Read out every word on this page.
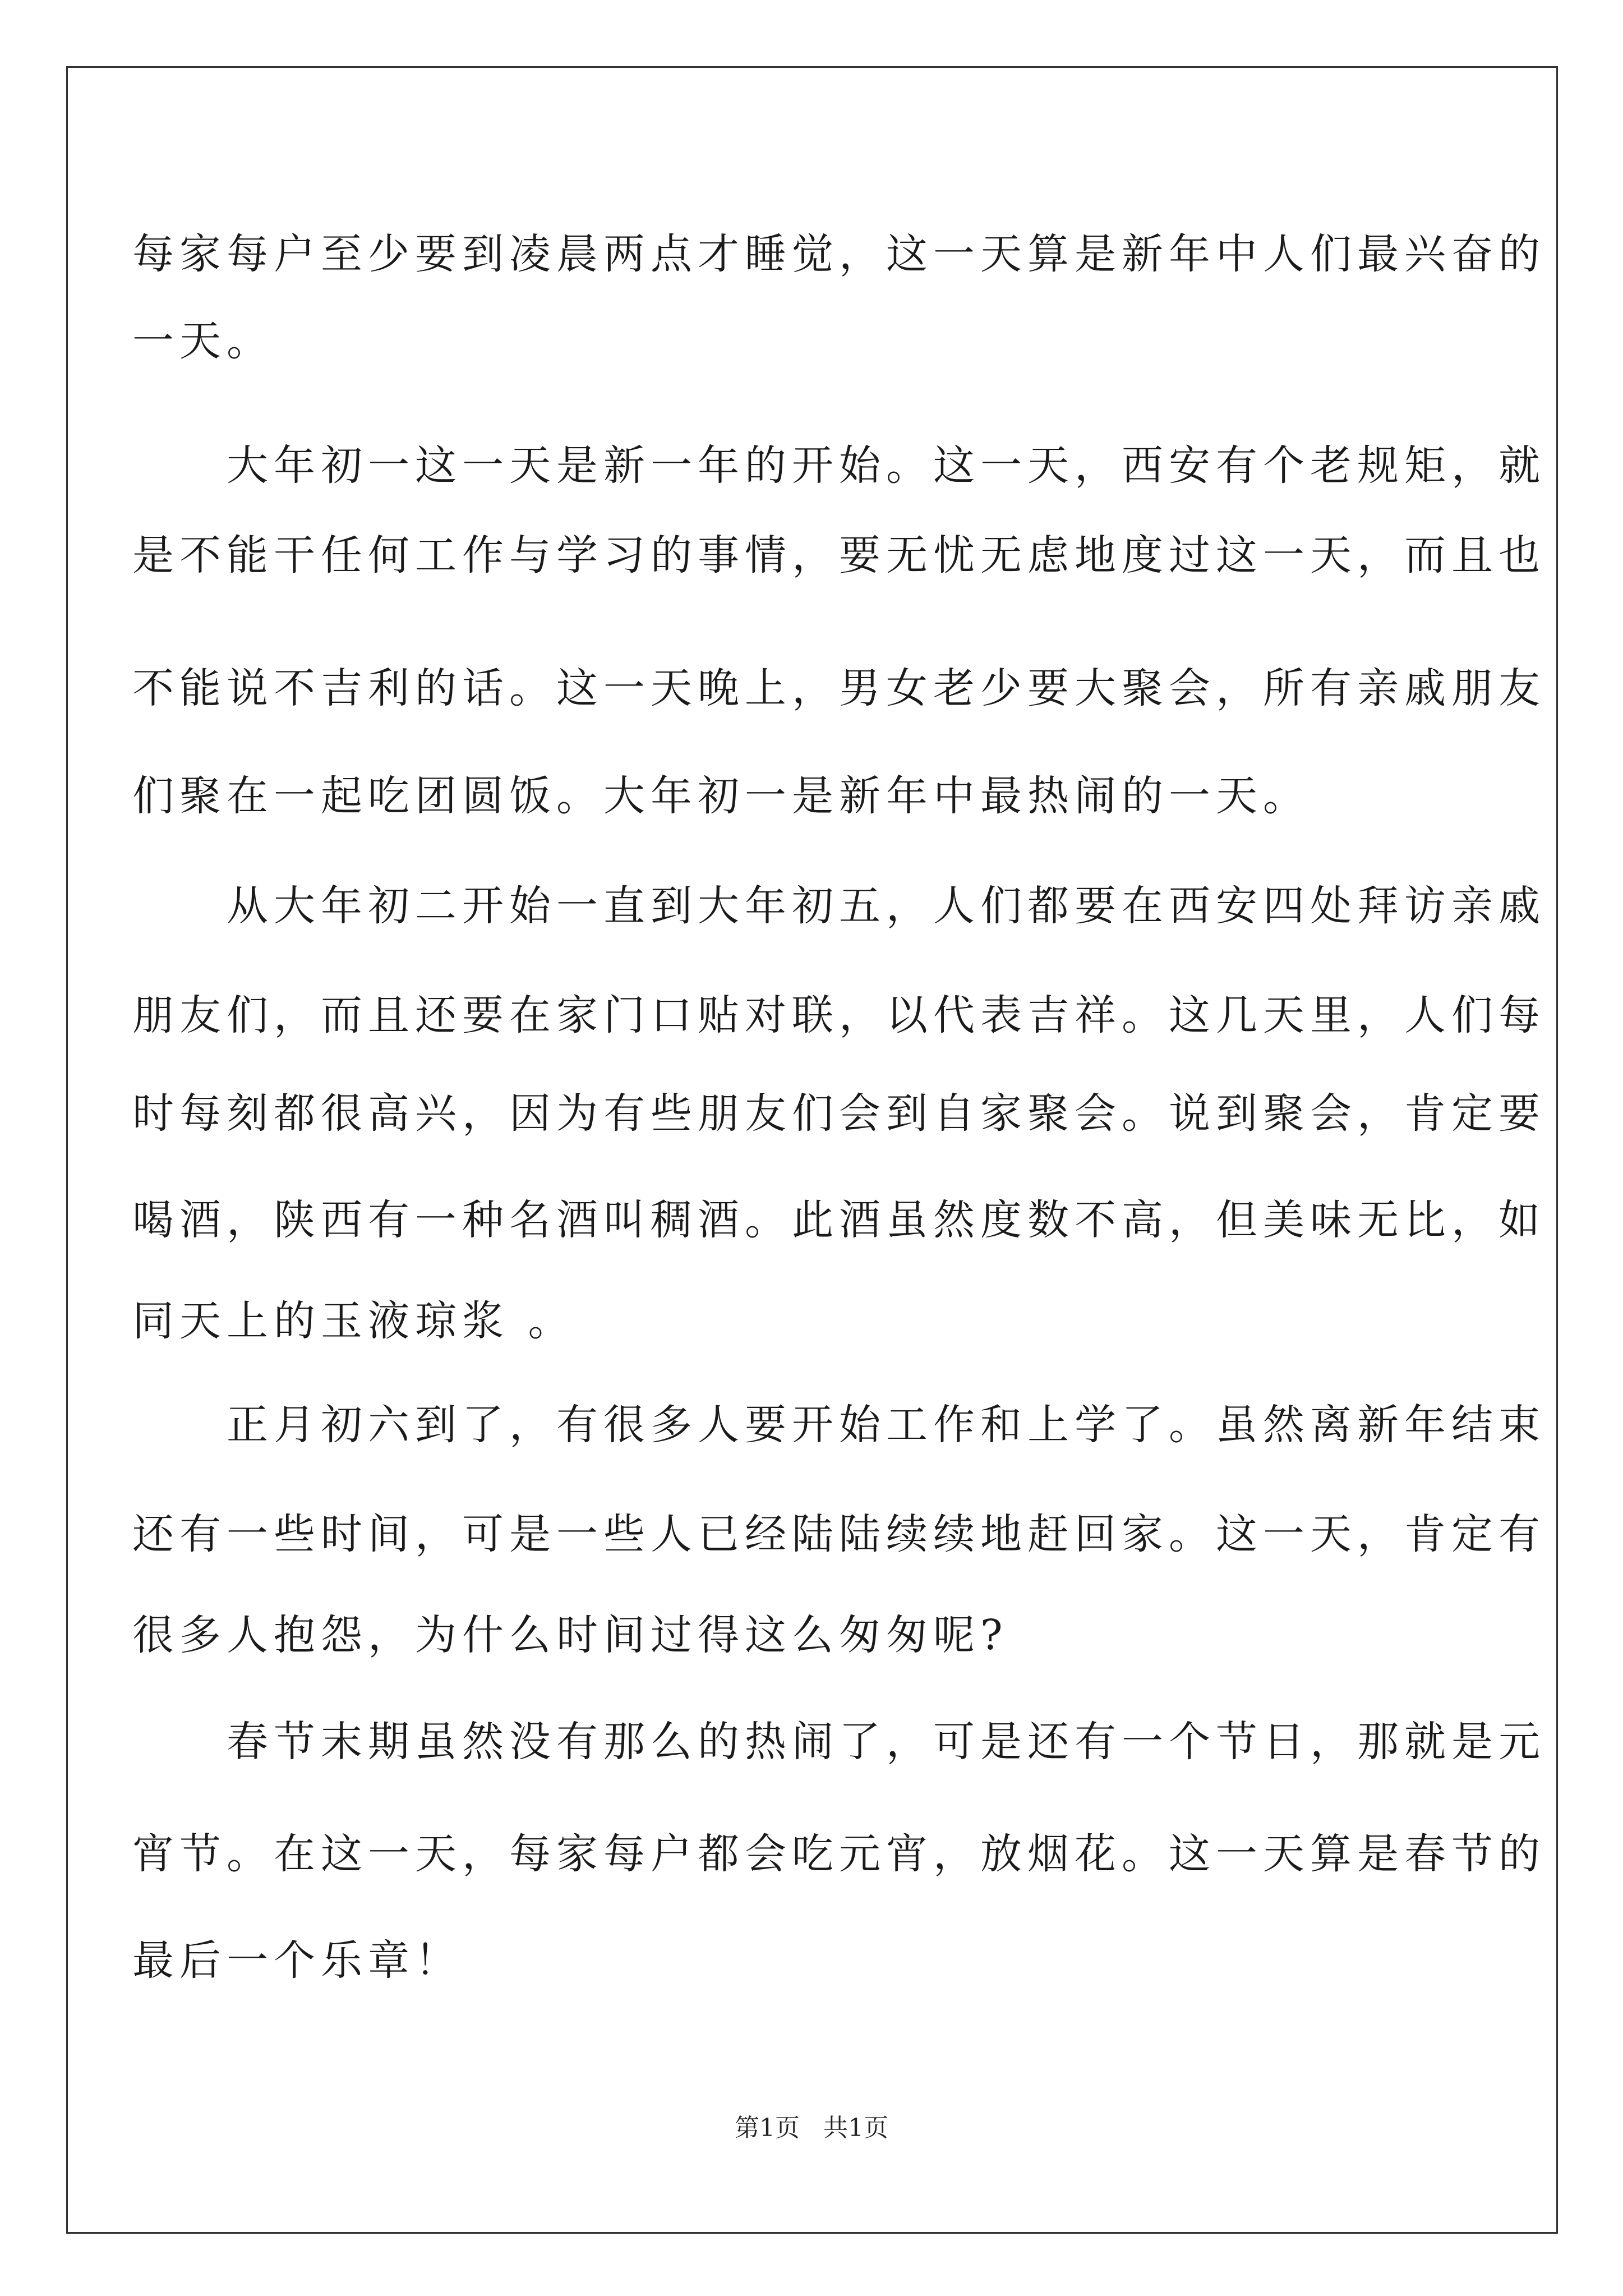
每家每户至少要到凌晨两点才睡觉，这一天算是新年中人们最兴奋的
一天。
　　大年初一这一天是新一年的开始。这一天，西安有个老规矩，就
是不能干任何工作与学习的事情，要无忧无虑地度过这一天，而且也
不能说不吉利的话。这一天晚上，男女老少要大聚会，所有亲戚朋友
们聚在一起吃团圆饭。大年初一是新年中最热闹的一天。
　　从大年初二开始一直到大年初五，人们都要在西安四处拜访亲戚
朋友们，而且还要在家门口贴对联，以代表吉祥。这几天里，人们每
时每刻都很高兴，因为有些朋友们会到自家聚会。说到聚会，肯定要
喝酒，陕西有一种名酒叫稠酒。此酒虽然度数不高，但美味无比，如
同天上的玉液琼浆 。
　　正月初六到了，有很多人要开始工作和上学了。虽然离新年结束
还有一些时间，可是一些人已经陆陆续续地赶回家。这一天，肯定有
很多人抱怨，为什么时间过得这么匆匆呢?
　　春节末期虽然没有那么的热闹了，可是还有一个节日，那就是元
宵节。在这一天，每家每户都会吃元宵，放烟花。这一天算是春节的
最后一个乐章！
第1页   共1页
